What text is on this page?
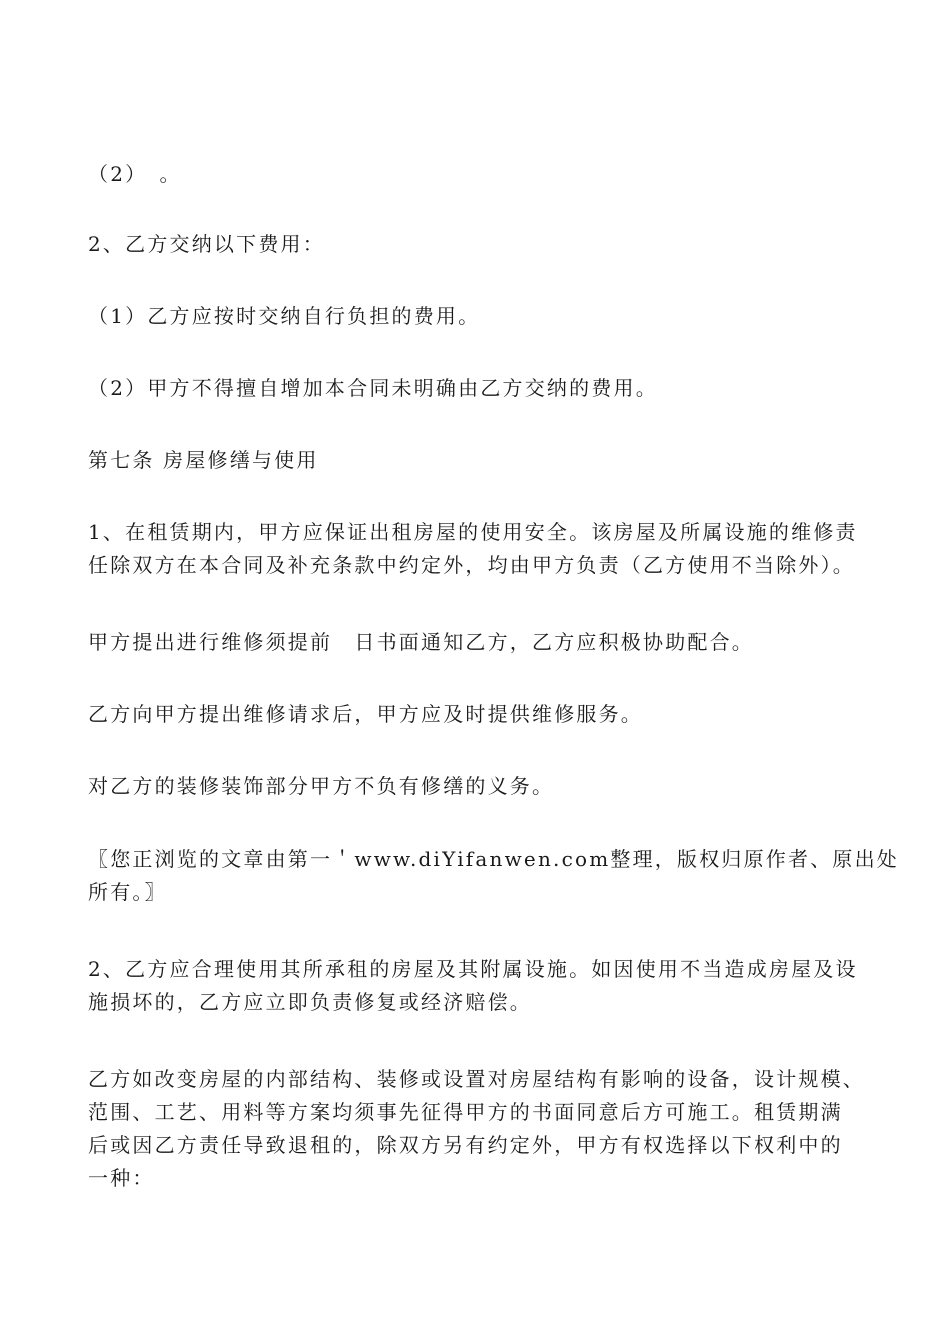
（2）　。

2、乙方交纳以下费用：

（1）乙方应按时交纳自行负担的费用。

（2）甲方不得擅自增加本合同未明确由乙方交纳的费用。

第七条 房屋修缮与使用

1、在租赁期内，甲方应保证出租房屋的使用安全。该房屋及所属设施的维修责
任除双方在本合同及补充条款中约定外，均由甲方负责（乙方使用不当除外）。

甲方提出进行维修须提前　日书面通知乙方，乙方应积极协助配合。

乙方向甲方提出维修请求后，甲方应及时提供维修服务。

对乙方的装修装饰部分甲方不负有修缮的义务。

〖您正浏览的文章由第一＇www.diYifanwen.com整理，版权归原作者、原出处
所有。〗

2、乙方应合理使用其所承租的房屋及其附属设施。如因使用不当造成房屋及设
施损坏的，乙方应立即负责修复或经济赔偿。

乙方如改变房屋的内部结构、装修或设置对房屋结构有影响的设备，设计规模、
范围、工艺、用料等方案均须事先征得甲方的书面同意后方可施工。租赁期满
后或因乙方责任导致退租的，除双方另有约定外，甲方有权选择以下权利中的
一种：
